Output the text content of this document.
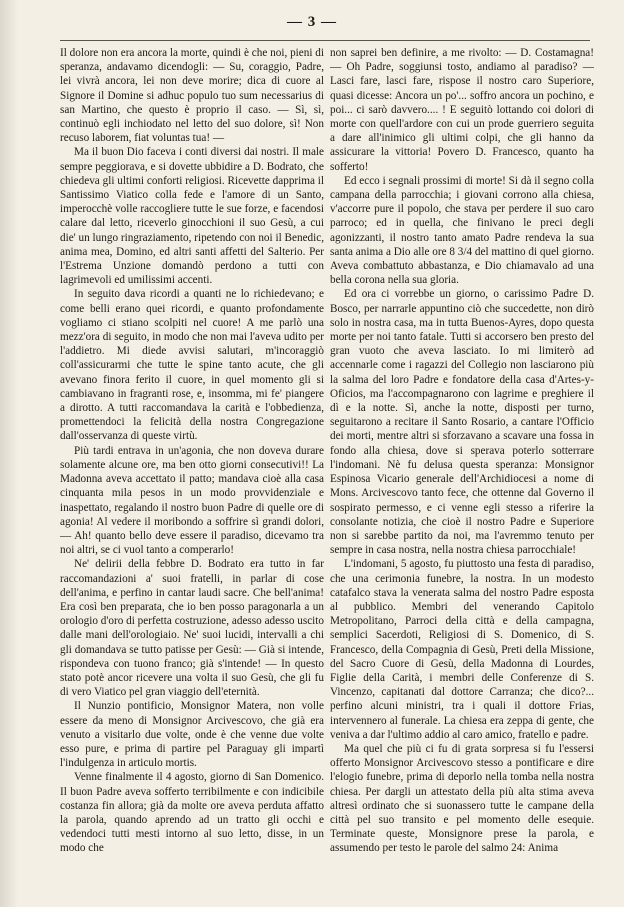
— 3 —

Il dolore non era ancora la morte, quindi è che noi, pieni di speranza, andavamo dicendogli: — Su, coraggio, Padre, lei vivrà ancora, lei non deve morire; dica di cuore al Signore il Domine si adhuc populo tuo sum necessarius di san Martino, che questo è proprio il caso. — Sì, sì, continuò egli inchiodato nel letto del suo dolore, sì! Non recuso laborem, fiat voluntas tua! —

Ma il buon Dio faceva i conti diversi dai nostri. Il male sempre peggiorava, e si dovette ubbidire a D. Bodrato, che chiedeva gli ultimi conforti religiosi. Ricevette dapprima il Santissimo Viatico colla fede e l'amore di un Santo, imperocchè volle raccogliere tutte le sue forze, e facendosi calare dal letto, riceverlo ginocchioni il suo Gesù, a cui die' un lungo ringraziamento, ripetendo con noi il Benedic, anima mea, Domino, ed altri santi affetti del Salterio. Per l'Estrema Unzione domandò perdono a tutti con lagrimevoli ed umilissimi accenti.

In seguito dava ricordi a quanti ne lo richiedevano; e come belli erano quei ricordi, e quanto profondamente vogliamo ci stiano scolpiti nel cuore! A me parlò una mezz'ora di seguito, in modo che non mai l'aveva udito per l'addietro. Mi diede avvisi salutari, m'incoraggiò coll'assicurarmi che tutte le spine tanto acute, che gli avevano finora ferito il cuore, in quel momento gli si cambiavano in fragranti rose, e, insomma, mi fe' piangere a dirotto. A tutti raccomandava la carità e l'obbedienza, promettendoci la felicità della nostra Congregazione dall'osservanza di queste virtù.

Più tardi entrava in un'agonia, che non doveva durare solamente alcune ore, ma ben otto giorni consecutivi!! La Madonna aveva accettato il patto; mandava cioè alla casa cinquanta mila pesos in un modo provvidenziale e inaspettato, regalando il nostro buon Padre di quelle ore di agonia! Al vedere il moribondo a soffrire sì grandi dolori, — Ah! quanto bello deve essere il paradiso, dicevamo tra noi altri, se ci vuol tanto a comperarlo!

Ne' delirii della febbre D. Bodrato era tutto in far raccomandazioni a' suoi fratelli, in parlar di cose dell'anima, e perfino in cantar laudi sacre. Che bell'anima! Era così ben preparata, che io ben posso paragonarla a un orologio d'oro di perfetta costruzione, adesso adesso uscito dalle mani dell'orologiaio. Ne' suoi lucidi, intervalli a chi gli domandava se tutto patisse per Gesù: — Già si intende, rispondeva con tuono franco; già s'intende! — In questo stato potè ancor ricevere una volta il suo Gesù, che gli fu di vero Viatico pel gran viaggio dell'eternità.

Il Nunzio pontificio, Monsignor Matera, non volle essere da meno di Monsignor Arcivescovo, che già era venuto a visitarlo due volte, onde è che venne due volte esso pure, e prima di partire pel Paraguay gli impartì l'indulgenza in articulo mortis.

Venne finalmente il 4 agosto, giorno di San Domenico. Il buon Padre aveva sofferto terribilmente e con indicibile costanza fin allora; già da molte ore aveva perduta affatto la parola, quando aprendo ad un tratto gli occhi e vedendoci tutti mesti intorno al suo letto, disse, in un modo che

non saprei ben definire, a me rivolto: — D. Costamagna! — Oh Padre, soggiunsi tosto, andiamo al paradiso? — Lasci fare, lasci fare, rispose il nostro caro Superiore, quasi dicesse: Ancora un po'... soffro ancora un pochino, e poi... ci sarò davvero.... ! E seguitò lottando coi dolori di morte con quell'ardore con cui un prode guerriero seguita a dare all'inimico gli ultimi colpi, che gli hanno da assicurare la vittoria! Povero D. Francesco, quanto ha sofferto!

Ed ecco i segnali prossimi di morte! Si dà il segno colla campana della parrocchia; i giovani corrono alla chiesa, v'accorre pure il popolo, che stava per perdere il suo caro parroco; ed in quella, che finivano le preci degli agonizzanti, il nostro tanto amato Padre rendeva la sua santa anima a Dio alle ore 8 3/4 del mattino di quel giorno. Aveva combattuto abbastanza, e Dio chiamavalo ad una bella corona nella sua gloria.

Ed ora ci vorrebbe un giorno, o carissimo Padre D. Bosco, per narrarle appuntino ciò che succedette, non dirò solo in nostra casa, ma in tutta Buenos-Ayres, dopo questa morte per noi tanto fatale. Tutti si accorsero ben presto del gran vuoto che aveva lasciato. Io mi limiterò ad accennarle come i ragazzi del Collegio non lasciarono più la salma del loro Padre e fondatore della casa d'Artes-y-Oficios, ma l'accompagnarono con lagrime e preghiere il dì e la notte. Sì, anche la notte, disposti per turno, seguitarono a recitare il Santo Rosario, a cantare l'Officio dei morti, mentre altri si sforzavano a scavare una fossa in fondo alla chiesa, dove si sperava poterlo sotterrare l'indomani. Nè fu delusa questa speranza: Monsignor Espinosa Vicario generale dell'Archidiocesi a nome di Mons. Arcivescovo tanto fece, che ottenne dal Governo il sospirato permesso, e ci venne egli stesso a riferire la consolante notizia, che cioè il nostro Padre e Superiore non si sarebbe partito da noi, ma l'avremmo tenuto per sempre in casa nostra, nella nostra chiesa parrocchiale!

L'indomani, 5 agosto, fu piuttosto una festa di paradiso, che una cerimonia funebre, la nostra. In un modesto catafalco stava la venerata salma del nostro Padre esposta al pubblico. Membri del venerando Capitolo Metropolitano, Parroci della città e della campagna, semplici Sacerdoti, Religiosi di S. Domenico, di S. Francesco, della Compagnia di Gesù, Preti della Missione, del Sacro Cuore di Gesù, della Madonna di Lourdes, Figlie della Carità, i membri delle Conferenze di S. Vincenzo, capitanati dal dottore Carranza; che dico?... perfino alcuni ministri, tra i quali il dottore Frias, intervennero al funerale. La chiesa era zeppa di gente, che veniva a dar l'ultimo addio al caro amico, fratello e padre.

Ma quel che più ci fu di grata sorpresa si fu l'essersi offerto Monsignor Arcivescovo stesso a pontificare e dire l'elogio funebre, prima di deporlo nella tomba nella nostra chiesa. Per dargli un attestato della più alta stima aveva altresì ordinato che si suonassero tutte le campane della città pel suo transito e pel momento delle esequie. Terminate queste, Monsignore prese la parola, e assumendo per testo le parole del salmo 24: Anima
